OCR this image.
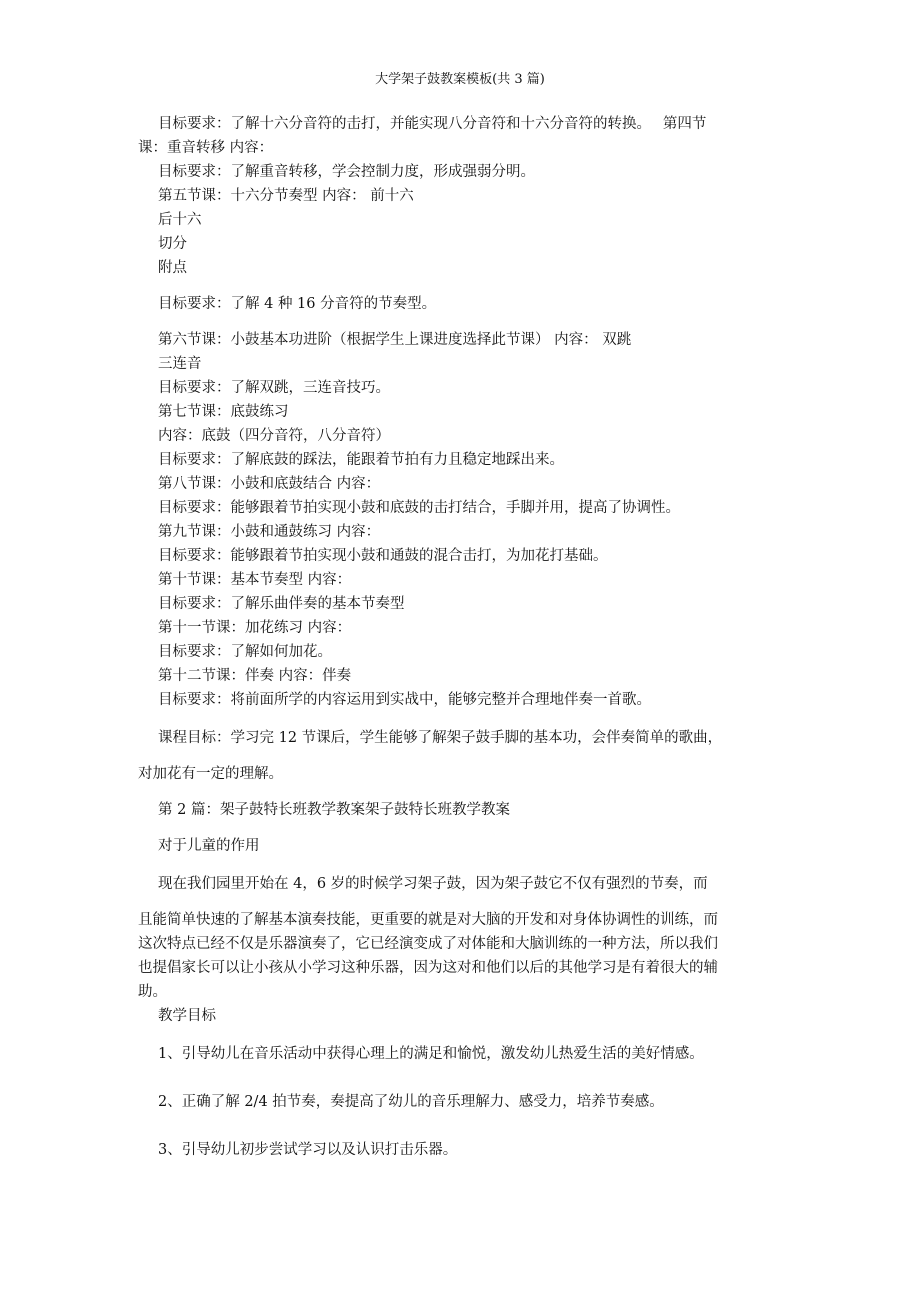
大学架子鼓教案模板(共 3 篇)
目标要求：了解十六分音符的击打，并能实现八分音符和十六分音符的转换。　 第四节
课：重音转移 内容：
目标要求：了解重音转移，学会控制力度，形成强弱分明。
第五节课：十六分节奏型 内容： 前十六
后十六
切分
附点
目标要求：了解 4 种 16 分音符的节奏型。
第六节课：小鼓基本功进阶（根据学生上课进度选择此节课） 内容： 双跳
三连音
目标要求：了解双跳，三连音技巧。
第七节课：底鼓练习
内容：底鼓（四分音符，八分音符）
目标要求：了解底鼓的踩法，能跟着节拍有力且稳定地踩出来。
第八节课：小鼓和底鼓结合 内容：
目标要求：能够跟着节拍实现小鼓和底鼓的击打结合，手脚并用，提高了协调性。
第九节课：小鼓和通鼓练习 内容：
目标要求：能够跟着节拍实现小鼓和通鼓的混合击打，为加花打基础。
第十节课：基本节奏型 内容：
目标要求：了解乐曲伴奏的基本节奏型
第十一节课：加花练习 内容：
目标要求：了解如何加花。
第十二节课：伴奏 内容：伴奏
目标要求：将前面所学的内容运用到实战中，能够完整并合理地伴奏一首歌。
课程目标：学习完 12 节课后，学生能够了解架子鼓手脚的基本功，会伴奏简单的歌曲，
对加花有一定的理解。
第 2 篇：架子鼓特长班教学教案架子鼓特长班教学教案
对于儿童的作用
现在我们园里开始在 4，6 岁的时候学习架子鼓，因为架子鼓它不仅有强烈的节奏，而
且能简单快速的了解基本演奏技能，更重要的就是对大脑的开发和对身体协调性的训练，而
这次特点已经不仅是乐器演奏了，它已经演变成了对体能和大脑训练的一种方法，所以我们
也提倡家长可以让小孩从小学习这种乐器，因为这对和他们以后的其他学习是有着很大的辅
助。
教学目标
1、引导幼儿在音乐活动中获得心理上的满足和愉悦，激发幼儿热爱生活的美好情感。
2、正确了解 2/4 拍节奏，奏提高了幼儿的音乐理解力、感受力，培养节奏感。
3、引导幼儿初步尝试学习以及认识打击乐器。
